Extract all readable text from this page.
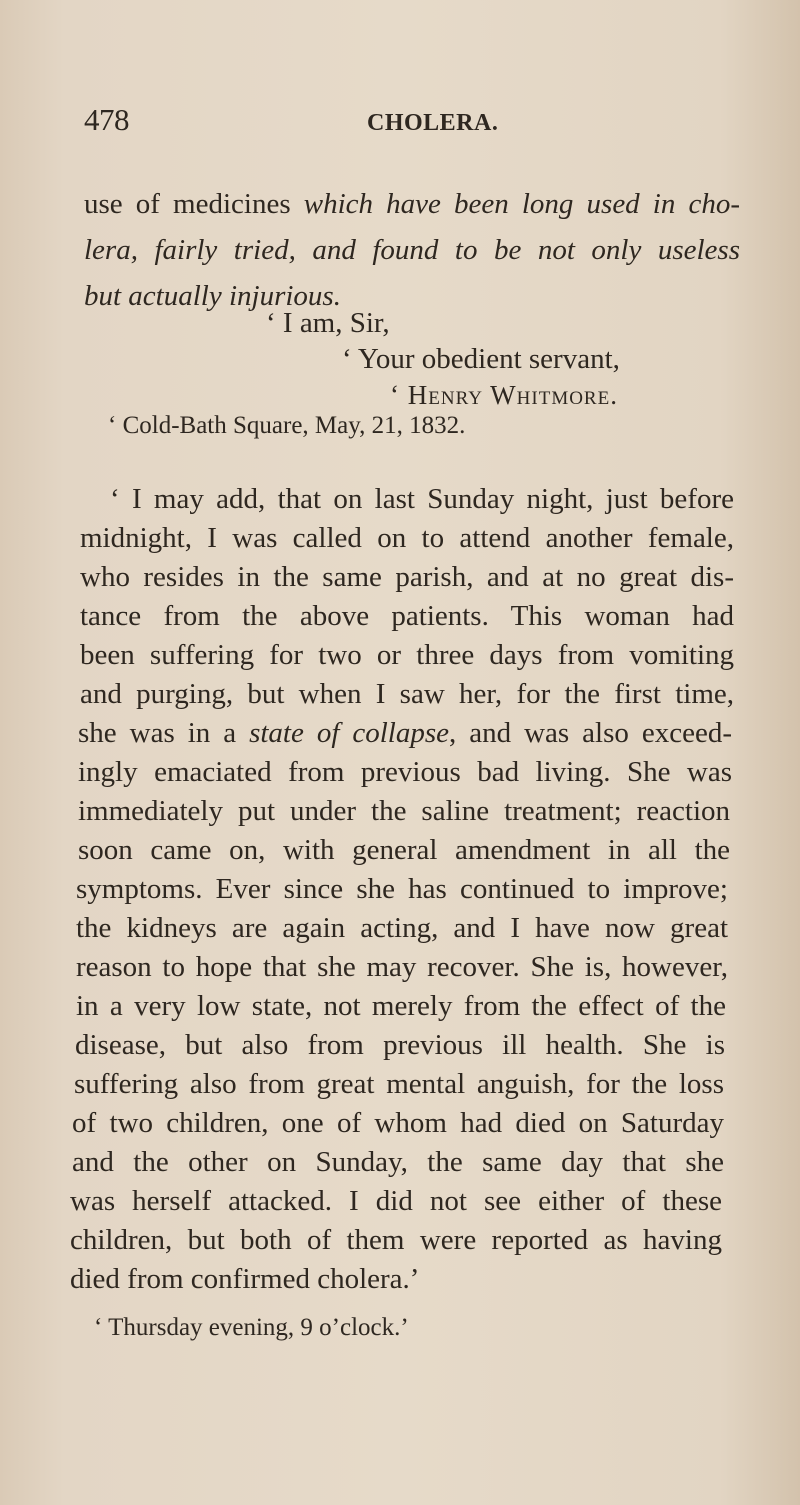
478	CHOLERA.
use of medicines which have been long used in cho-
lera, fairly tried, and found to be not only useless
but actually injurious.
‘ I am, Sir,
‘ Your obedient servant,
‘ Henry Whitmore.
‘ Cold-Bath Square, May, 21, 1832.
‘ I may add, that on last Sunday night, just before
midnight, I was called on to attend another female,
who resides in the same parish, and at no great dis-
tance from the above patients. This woman had
been suffering for two or three days from vomiting
and purging, but when I saw her, for the first time,
she was in a state of collapse, and was also exceed-
ingly emaciated from previous bad living. She was
immediately put under the saline treatment; reaction
soon came on, with general amendment in all the
symptoms. Ever since she has continued to improve;
the kidneys are again acting, and I have now great
reason to hope that she may recover. She is, however,
in a very low state, not merely from the effect of the
disease, but also from previous ill health. She is
suffering also from great mental anguish, for the loss
of two children, one of whom had died on Saturday
and the other on Sunday, the same day that she
was herself attacked. I did not see either of these
children, but both of them were reported as having
died from confirmed cholera.’
‘ Thursday evening, 9 o’clock.’
